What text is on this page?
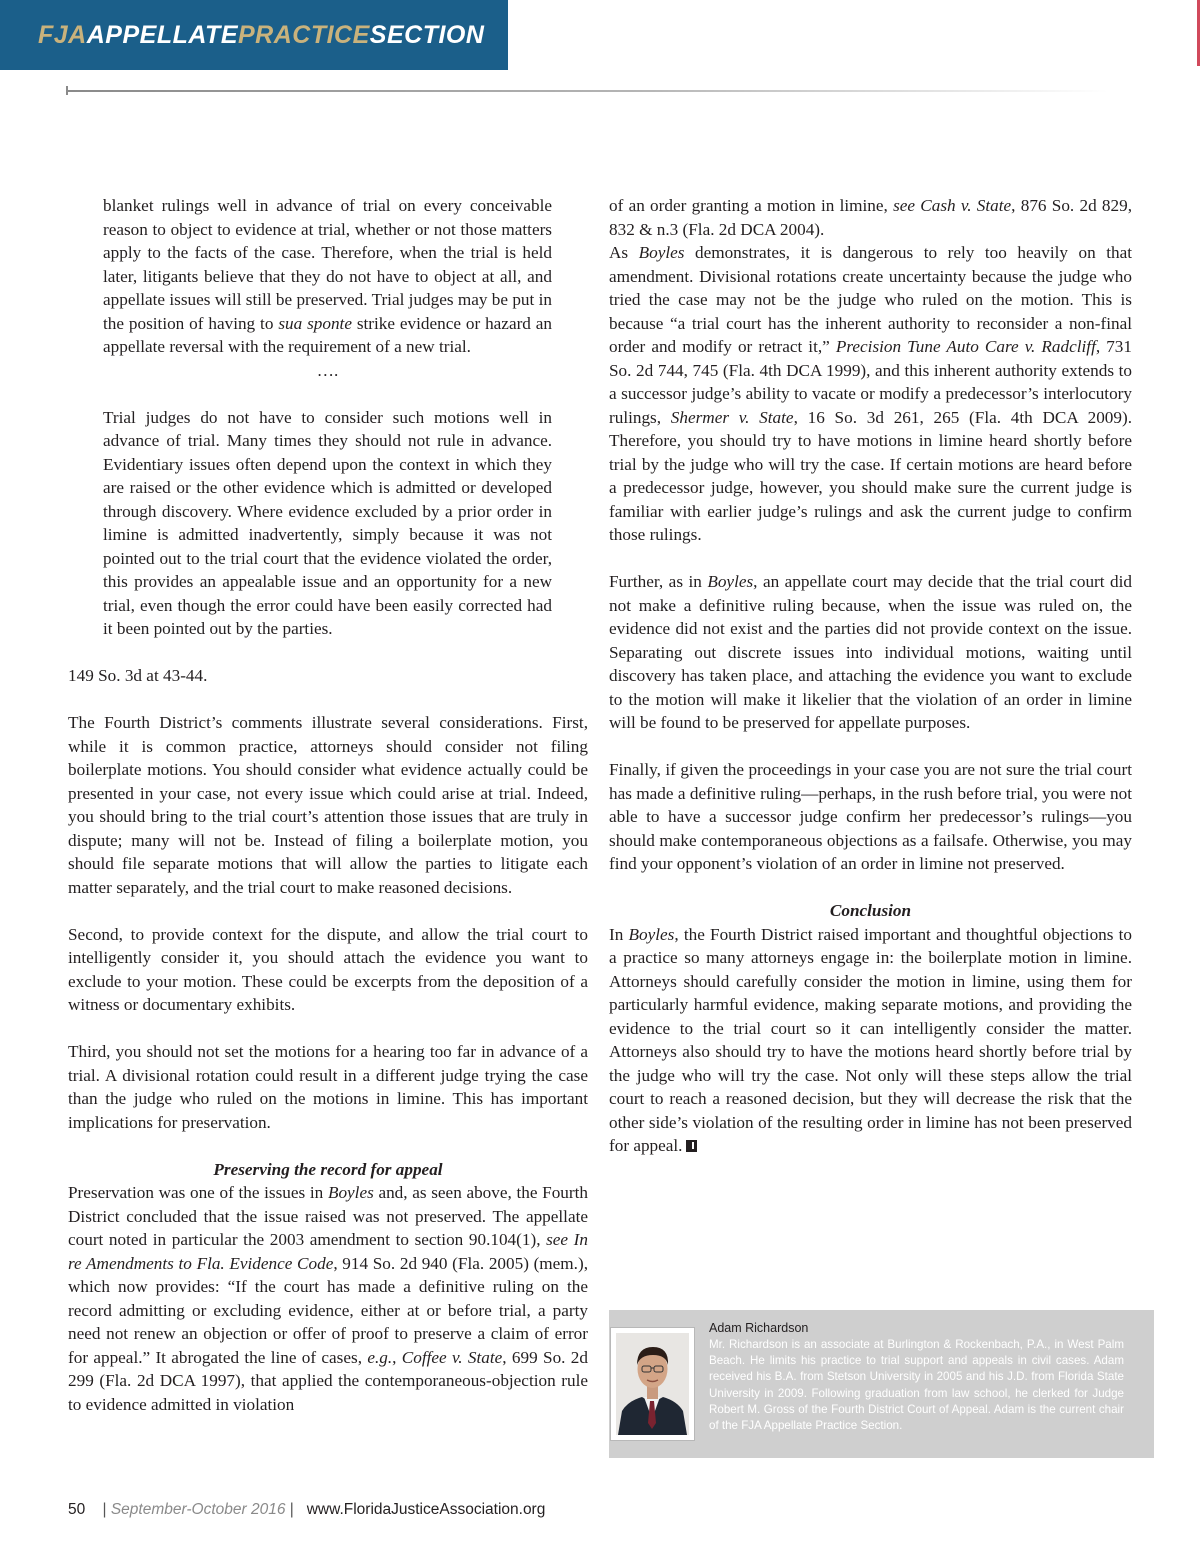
FJAAPPELLATEPRACTICESECTION

blanket rulings well in advance of trial on every conceivable reason to object to evidence at trial, whether or not those matters apply to the facts of the case. Therefore, when the trial is held later, litigants believe that they do not have to object at all, and appellate issues will still be preserved. Trial judges may be put in the position of having to sua sponte strike evidence or hazard an appellate reversal with the requirement of a new trial.

….

Trial judges do not have to consider such motions well in advance of trial. Many times they should not rule in advance. Evidentiary issues often depend upon the context in which they are raised or the other evidence which is admitted or developed through discovery. Where evidence excluded by a prior order in limine is admitted inadvertently, simply because it was not pointed out to the trial court that the evidence violated the order, this provides an appealable issue and an opportunity for a new trial, even though the error could have been easily corrected had it been pointed out by the parties.

149 So. 3d at 43-44.

The Fourth District’s comments illustrate several considerations. First, while it is common practice, attorneys should consider not filing boilerplate motions. You should consider what evidence actually could be presented in your case, not every issue which could arise at trial. Indeed, you should bring to the trial court’s attention those issues that are truly in dispute; many will not be. Instead of filing a boilerplate motion, you should file separate motions that will allow the parties to litigate each matter separately, and the trial court to make reasoned decisions.

Second, to provide context for the dispute, and allow the trial court to intelligently consider it, you should attach the evidence you want to exclude to your motion. These could be excerpts from the deposition of a witness or documentary exhibits.

Third, you should not set the motions for a hearing too far in advance of a trial. A divisional rotation could result in a different judge trying the case than the judge who ruled on the motions in limine. This has important implications for preservation.

Preserving the record for appeal

Preservation was one of the issues in Boyles and, as seen above, the Fourth District concluded that the issue raised was not preserved. The appellate court noted in particular the 2003 amendment to section 90.104(1), see In re Amendments to Fla. Evidence Code, 914 So. 2d 940 (Fla. 2005) (mem.), which now provides: “If the court has made a definitive ruling on the record admitting or excluding evidence, either at or before trial, a party need not renew an objection or offer of proof to preserve a claim of error for appeal.” It abrogated the line of cases, e.g., Coffee v. State, 699 So. 2d 299 (Fla. 2d DCA 1997), that applied the contemporaneous-objection rule to evidence admitted in violation

of an order granting a motion in limine, see Cash v. State, 876 So. 2d 829, 832 & n.3 (Fla. 2d DCA 2004).

As Boyles demonstrates, it is dangerous to rely too heavily on that amendment. Divisional rotations create uncertainty because the judge who tried the case may not be the judge who ruled on the motion. This is because “a trial court has the inherent authority to reconsider a non-final order and modify or retract it,” Precision Tune Auto Care v. Radcliff, 731 So. 2d 744, 745 (Fla. 4th DCA 1999), and this inherent authority extends to a successor judge’s ability to vacate or modify a predecessor’s interlocutory rulings, Shermer v. State, 16 So. 3d 261, 265 (Fla. 4th DCA 2009). Therefore, you should try to have motions in limine heard shortly before trial by the judge who will try the case. If certain motions are heard before a predecessor judge, however, you should make sure the current judge is familiar with earlier judge’s rulings and ask the current judge to confirm those rulings.

Further, as in Boyles, an appellate court may decide that the trial court did not make a definitive ruling because, when the issue was ruled on, the evidence did not exist and the parties did not provide context on the issue. Separating out discrete issues into individual motions, waiting until discovery has taken place, and attaching the evidence you want to exclude to the motion will make it likelier that the violation of an order in limine will be found to be preserved for appellate purposes.

Finally, if given the proceedings in your case you are not sure the trial court has made a definitive ruling—perhaps, in the rush before trial, you were not able to have a successor judge confirm her predecessor’s rulings—you should make contemporaneous objections as a failsafe. Otherwise, you may find your opponent’s violation of an order in limine not preserved.

Conclusion

In Boyles, the Fourth District raised important and thoughtful objections to a practice so many attorneys engage in: the boilerplate motion in limine. Attorneys should carefully consider the motion in limine, using them for particularly harmful evidence, making separate motions, and providing the evidence to the trial court so it can intelligently consider the matter. Attorneys also should try to have the motions heard shortly before trial by the judge who will try the case. Not only will these steps allow the trial court to reach a reasoned decision, but they will decrease the risk that the other side’s violation of the resulting order in limine has not been preserved for appeal.

Adam Richardson
Mr. Richardson is an associate at Burlington & Rockenbach, P.A., in West Palm Beach. He limits his practice to trial support and appeals in civil cases. Adam received his B.A. from Stetson University in 2005 and his J.D. from Florida State University in 2009. Following graduation from law school, he clerked for Judge Robert M. Gross of the Fourth District Court of Appeal. Adam is the current chair of the FJA Appellate Practice Section.
50 | September-October 2016 | www.FloridaJusticeAssociation.org
